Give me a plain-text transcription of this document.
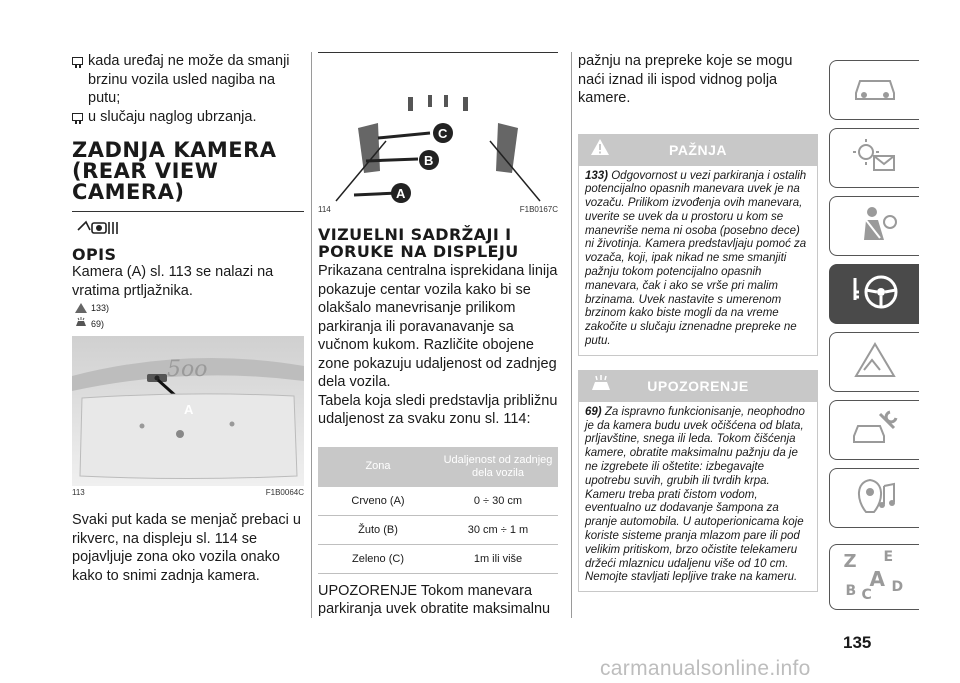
kada uređaj ne može da smanji brzinu vozila usled nagiba na putu;
u slučaju naglog ubrzanja.
ZADNJA KAMERA (REAR VIEW CAMERA)
OPIS

Kamera (A) sl. 113 se nalazi na vratima prtljažnika.

133)
69)
5oo
A
113	F1B0064C

Svaki put kada se menjač prebaci u rikverc, na displeju sl. 114 se pojavljuje zona oko vozila onako kako to snimi zadnja kamera.

C
B
A
114	F1B0167C
VIZUELNI SADRŽAJI I PORUKE NA DISPLEJU

Prikazana centralna isprekidana linija pokazuje centar vozila kako bi se olakšalo manevrisanje prilikom parkiranja ili poravanavanje sa vučnom kukom. Različite obojene zone pokazuju udaljenost od zadnjeg dela vozila.

Tabela koja sledi predstavlja približnu udaljenost za svaku zonu sl. 114:

Zona	Udaljenost od zadnjeg dela vozila
Crveno (A)	0 ÷ 30 cm
Žuto (B)	30 cm ÷ 1 m
Zeleno (C)	1m ili više

UPOZORENJE Tokom manevara parkiranja uvek obratite maksimalnu

pažnju na prepreke koje se mogu naći iznad ili ispod vidnog polja kamere.

PAŽNJA
133) Odgovornost u vezi parkiranja i ostalih potencijalno opasnih manevara uvek je na vozaču. Prilikom izvođenja ovih manevara, uverite se uvek da u prostoru u kom se manevriše nema ni osoba (posebno dece) ni životinja. Kamera predstavljaju pomoć za vozača, koji, ipak nikad ne sme smanjiti pažnju tokom potencijalno opasnih manevara, čak i ako se vrše pri malim brzinama. Uvek nastavite s umerenom brzinom kako biste mogli da na vreme zakočite u slučaju iznenadne prepreke ne putu.
UPOZORENJE
69) Za ispravno funkcionisanje, neophodno je da kamera budu uvek očišćena od blata, prljavštine, snega ili leda. Tokom čišćenja kamere, obratite maksimalnu pažnju da je ne izgrebete ili oštetite: izbegavajte upotrebu suvih, grubih ili tvrdih krpa. Kameru treba prati čistom vodom, eventualno uz dodavanje šampona za pranje automobila. U autoperionicama koje koriste sisteme pranja mlazom pare ili pod velikim pritiskom, brzo očistite telekameru držeći mlaznicu udaljenu više od 10 cm. Nemojte stavljati lepljive trake na kameru.
Z E
A
B C D
135
carmanualsonline.info
